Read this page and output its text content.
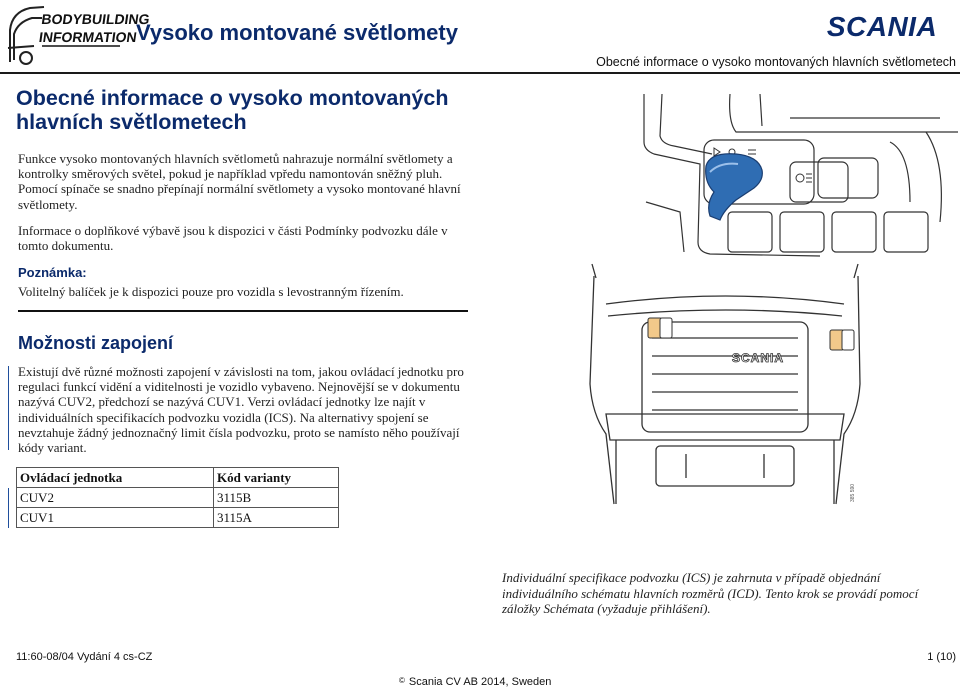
BODYBUILDING
INFORMATION
Vysoko montované světlomety	SCANIA
Obecné informace o vysoko montovaných hlavních světlometech
Obecné informace o vysoko montovaných hlavních světlometech
Funkce vysoko montovaných hlavních světlometů nahrazuje normální světlomety a kontrolky směrových světel, pokud je například vpředu namontován sněžný pluh. Pomocí spínače se snadno přepínají normální světlomety a vysoko montované hlavní světlomety.
Informace o doplňkové výbavě jsou k dispozici v části Podmínky podvozku dále v tomto dokumentu.
Poznámka:
Volitelný balíček je k dispozici pouze pro vozidla s levostranným řízením.
Možnosti zapojení
Existují dvě různé možnosti zapojení v závislosti na tom, jakou ovládací jednotku pro regulaci funkcí vidění a viditelnosti je vozidlo vybaveno. Nejnovější se v dokumentu nazývá CUV2, předchozí se nazývá CUV1. Verzi ovládací jednotky lze najít v individuálních specifikacích podvozku vozidla (ICS). Na alternativy spojení se nevztahuje žádný jednoznačný limit čísla podvozku, proto se namísto něho používají kódy variant.
Ovládací jednotka	Kód varianty
CUV2	3115B
CUV1	3115A
SCANIA
385 590
Individuální specifikace podvozku (ICS) je zahrnuta v případě objednání individuálního schématu hlavních rozměrů (ICD). Tento krok se provádí pomocí záložky Schémata (vyžaduje přihlášení).
11:60-08/04 Vydání 4 cs-CZ	1 (10)
© Scania CV AB 2014, Sweden
